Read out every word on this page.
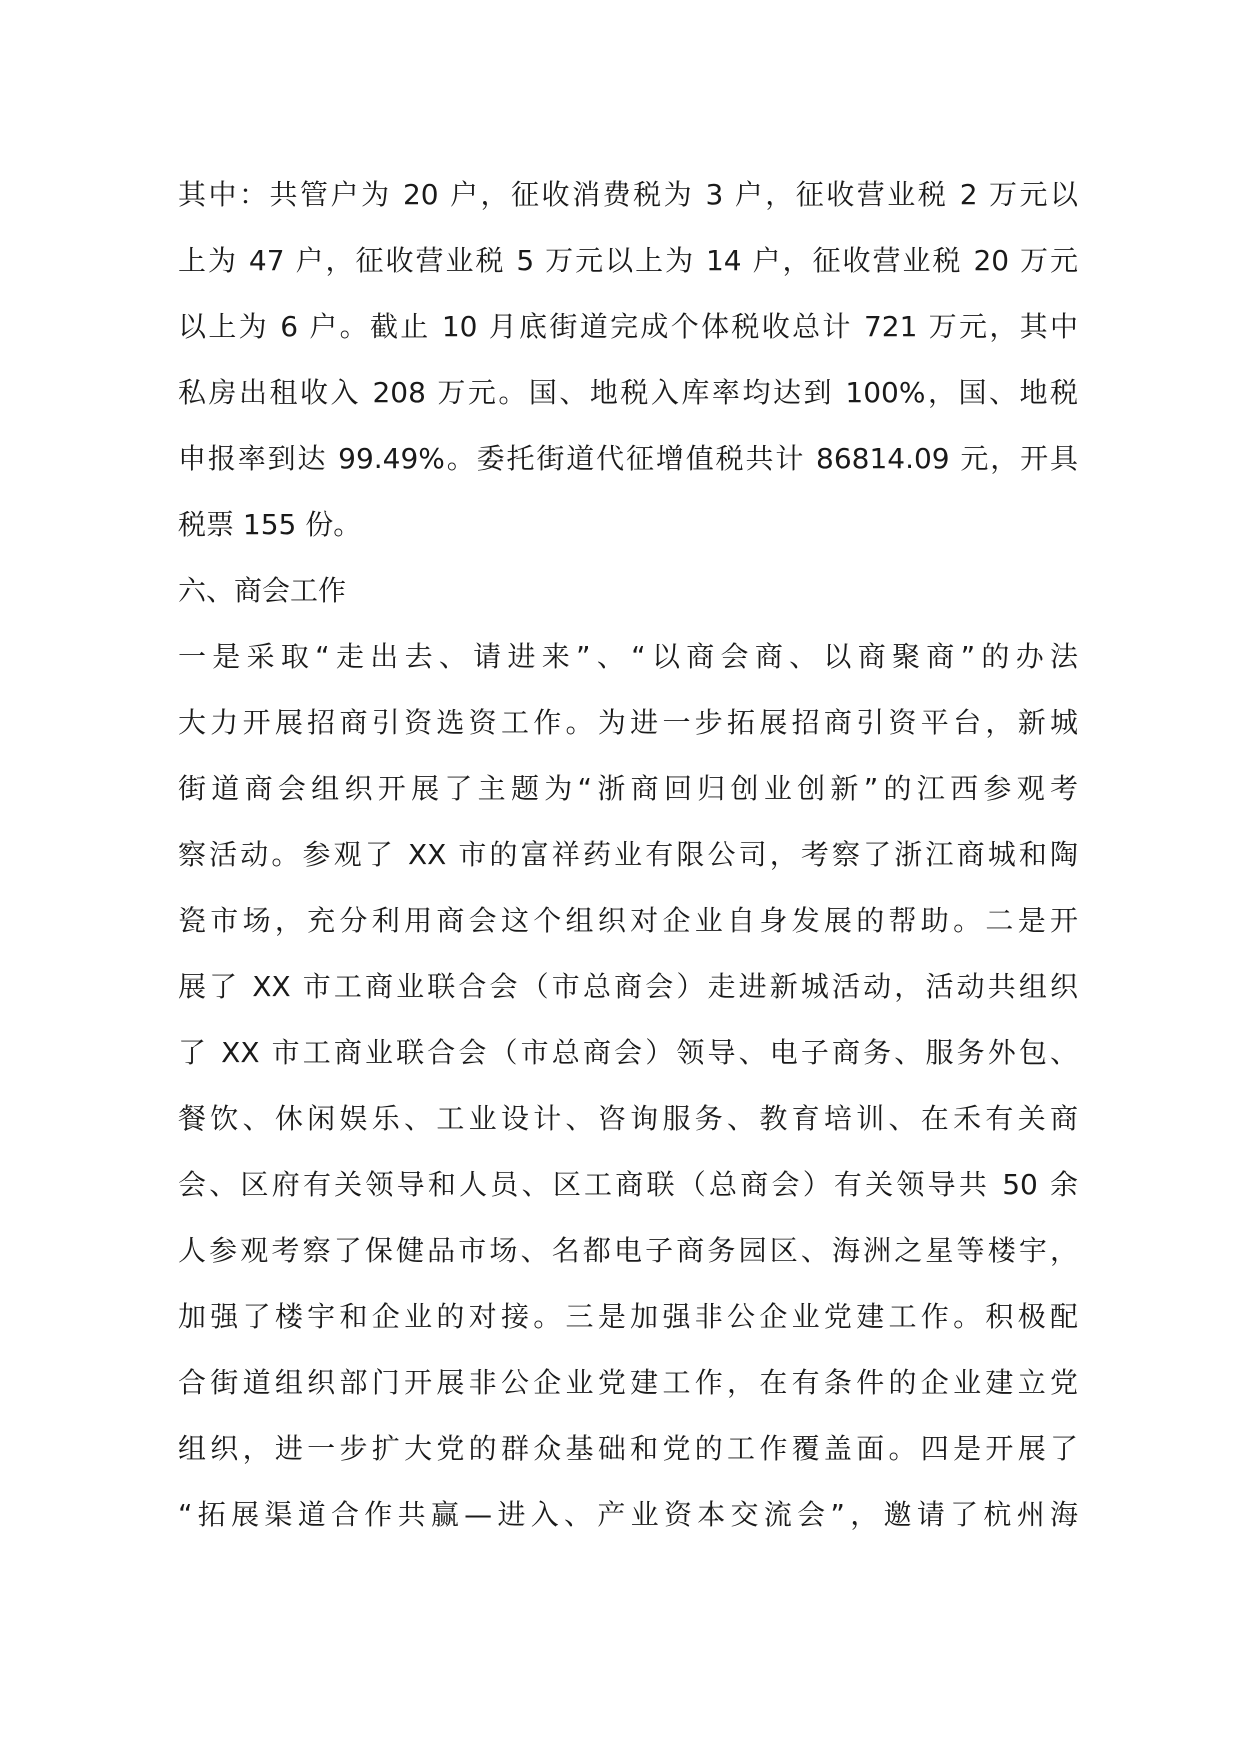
其中：共管户为 20 户，征收消费税为 3 户，征收营业税 2 万元以
上为 47 户，征收营业税 5 万元以上为 14 户，征收营业税 20 万元
以上为 6 户。截止 10 月底街道完成个体税收总计 721 万元，其中
私房出租收入 208 万元。国、地税入库率均达到 100%，国、地税
申报率到达 99.49%。委托街道代征增值税共计 86814.09 元，开具
税票 155 份。
六、商会工作
一是采取“走出去、请进来”、“以商会商、以商聚商”的办法
大力开展招商引资选资工作。为进一步拓展招商引资平台，新城
街道商会组织开展了主题为“浙商回归创业创新”的江西参观考
察活动。参观了 XX 市的富祥药业有限公司，考察了浙江商城和陶
瓷市场，充分利用商会这个组织对企业自身发展的帮助。二是开
展了 XX 市工商业联合会（市总商会）走进新城活动，活动共组织
了 XX 市工商业联合会（市总商会）领导、电子商务、服务外包、
餐饮、休闲娱乐、工业设计、咨询服务、教育培训、在禾有关商
会、区府有关领导和人员、区工商联（总商会）有关领导共 50 余
人参观考察了保健品市场、名都电子商务园区、海洲之星等楼宇，
加强了楼宇和企业的对接。三是加强非公企业党建工作。积极配
合街道组织部门开展非公企业党建工作，在有条件的企业建立党
组织，进一步扩大党的群众基础和党的工作覆盖面。四是开展了
“拓展渠道合作共赢—进入、产业资本交流会”，邀请了杭州海
